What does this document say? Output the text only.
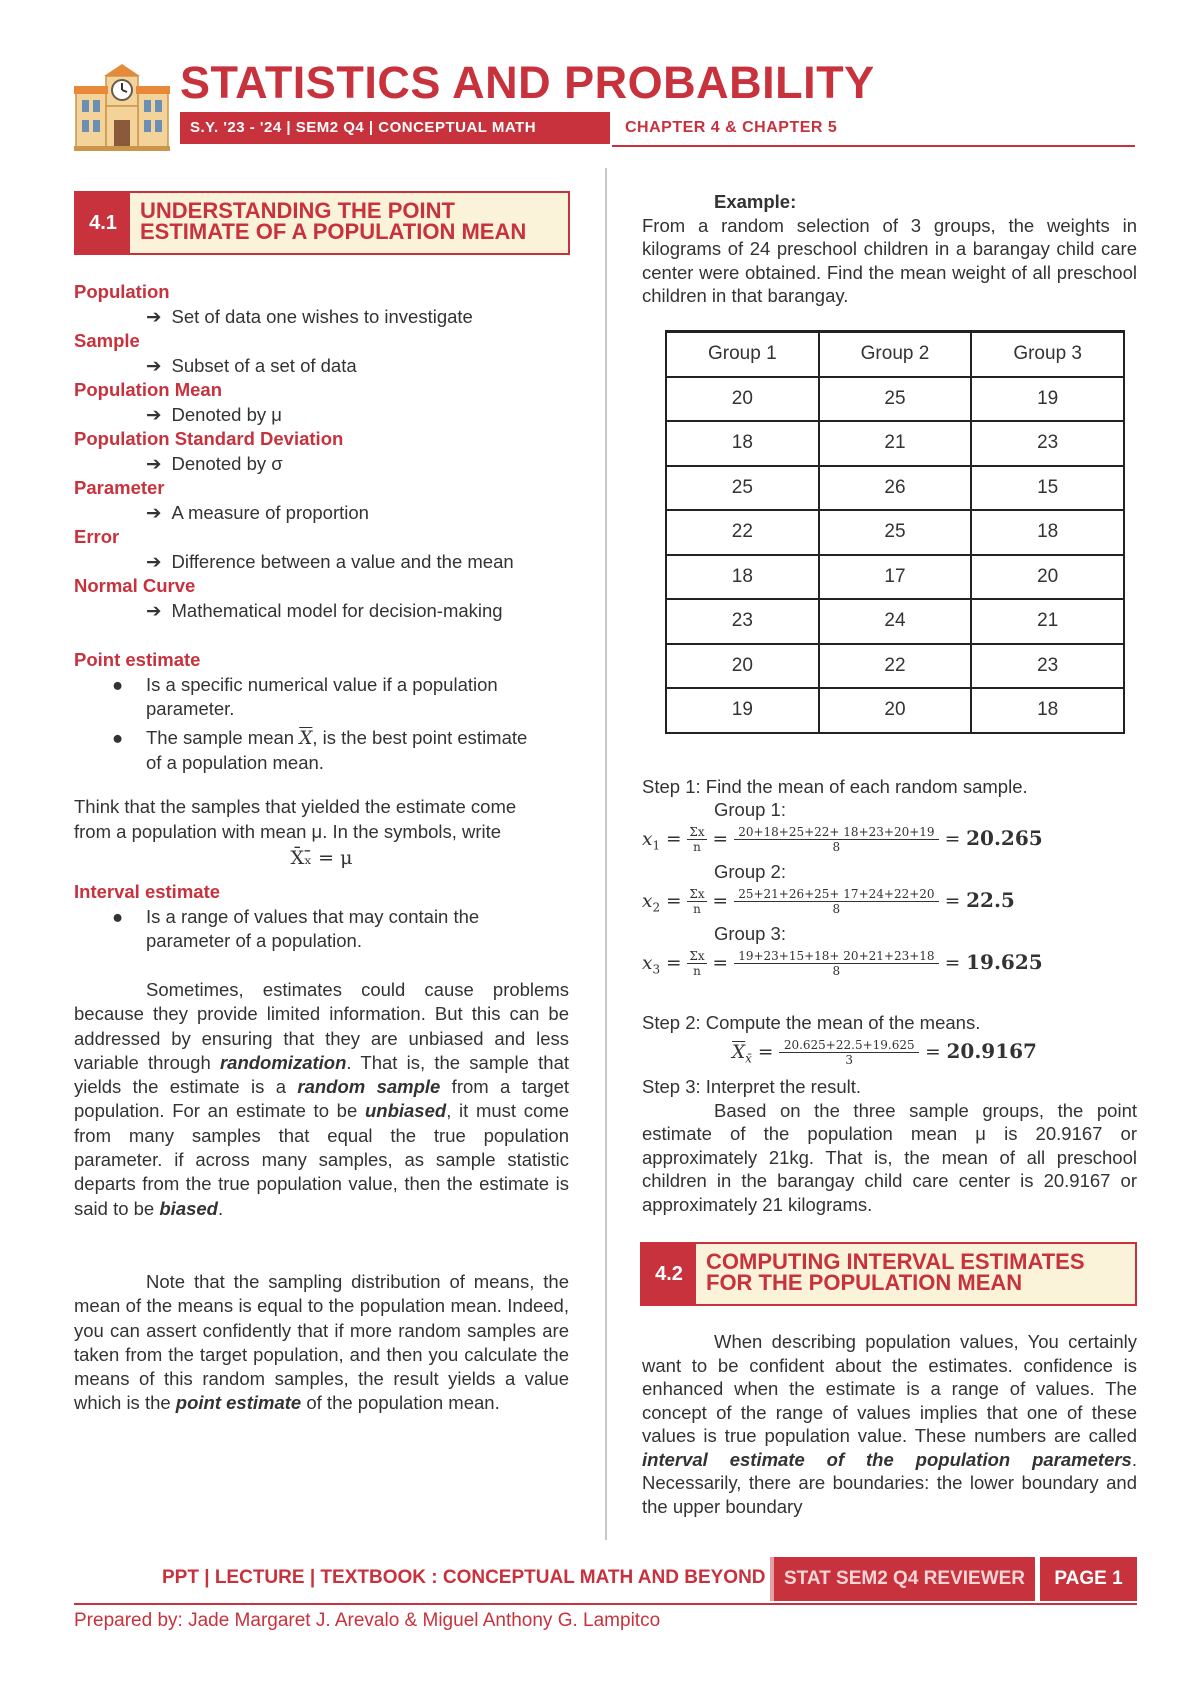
STATISTICS AND PROBABILITY
S.Y. '23 - '24 | SEM2 Q4 | CONCEPTUAL MATH	CHAPTER 4 & CHAPTER 5
4.1	UNDERSTANDING THE POINT
ESTIMATE OF A POPULATION MEAN
Population
➔ Set of data one wishes to investigate
Sample
➔ Subset of a set of data
Population Mean
➔ Denoted by μ
Population Standard Deviation
➔ Denoted by σ
Parameter
➔ A measure of proportion
Error
➔ Difference between a value and the mean
Normal Curve
➔ Mathematical model for decision-making
Point estimate
● Is a specific numerical value if a population
parameter.
● The sample mean $\overline{X}$, is the best point estimate
of a population mean.
Think that the samples that yielded the estimate come
from a population with mean μ. In the symbols, write
X̄ₓ̄ = μ
Interval estimate
● Is a range of values that may contain the
parameter of a population.
Sometimes, estimates could cause problems because they provide limited information. But this can be addressed by ensuring that they are unbiased and less variable through randomization. That is, the sample that yields the estimate is a random sample from a target population. For an estimate to be unbiased, it must come from many samples that equal the true population parameter. if across many samples, as sample statistic departs from the true population value, then the estimate is said to be biased.
Note that the sampling distribution of means, the mean of the means is equal to the population mean. Indeed, you can assert confidently that if more random samples are taken from the target population, and then you calculate the means of this random samples, the result yields a value which is the point estimate of the population mean.
Example:
From a random selection of 3 groups, the weights in kilograms of 24 preschool children in a barangay child care center were obtained. Find the mean weight of all preschool children in that barangay.
Group 1	Group 2	Group 3
20	25	19
18	21	23
25	26	15
22	25	18
18	17	20
23	24	21
20	22	23
19	20	18
Step 1: Find the mean of each random sample.
Group 1:
$x_1 = \frac{\Sigma x}{n} = \frac{20+18+25+22+ 18+23+20+19}{8} = 20.265$
Group 2:
$x_2 = \frac{\Sigma x}{n} = \frac{25+21+26+25+ 17+24+22+20}{8} = 22.5$
Group 3:
$x_3 = \frac{\Sigma x}{n} = \frac{19+23+15+18+ 20+21+23+18}{8} = 19.625$
Step 2: Compute the mean of the means.
$\overline{X}_{x̄} = \frac{20.625+22.5+19.625}{3} = 20.9167$
Step 3: Interpret the result.
Based on the three sample groups, the point estimate of the population mean μ is 20.9167 or approximately 21kg. That is, the mean of all preschool children in the barangay child care center is 20.9167 or approximately 21 kilograms.
4.2	COMPUTING INTERVAL ESTIMATES
FOR THE POPULATION MEAN
When describing population values, You certainly want to be confident about the estimates. confidence is enhanced when the estimate is a range of values. The concept of the range of values implies that one of these values is true population value. These numbers are called interval estimate of the population parameters. Necessarily, there are boundaries: the lower boundary and the upper boundary
PPT | LECTURE | TEXTBOOK : CONCEPTUAL MATH AND BEYOND STAT SEM2 Q4 REVIEWER	PAGE 1
Prepared by: Jade Margaret J. Arevalo & Miguel Anthony G. Lampitco
